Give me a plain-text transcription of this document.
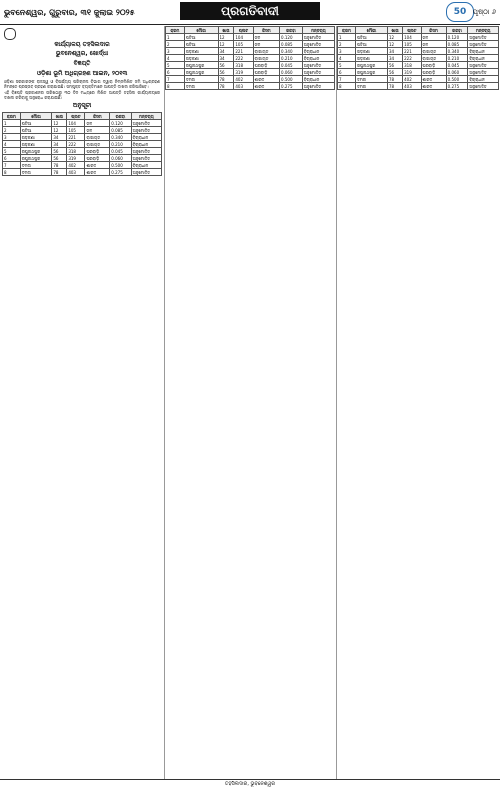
ଭୁବନେଶ୍ୱର, ଗୁରୁବାର, ୩୧ ଜୁଲାଇ ୨୦୨୫	ପ୍ରଗତିବାଦୀ	50 ପୃଷ୍ଠା ୬
କାର୍ଯ୍ୟାଳୟ ତହସିଲଦାର
ଭୁବନେଶ୍ୱର, ଖୋର୍ଦ୍ଧା
ବିଜ୍ଞପ୍ତି
ଓଡ଼ିଶା ଭୂମି ଅଧିଗ୍ରହଣ ଆଇନ, ୨୦୧୩
ଓଡ଼ିଶା ସରକାରଙ୍କ ରାଜସ୍ୱ ଓ ବିପର୍ଯ୍ୟୟ ପରିଚାଳନା ବିଭାଗ ଦ୍ୱାରା ନିମ୍ନଲିଖିତ ଜମି ଅଧିଗ୍ରହଣ ନିମନ୍ତେ ପ୍ରସ୍ତାବ ଗ୍ରହଣ କରାଯାଇଛି। ସମ୍ପୃକ୍ତ ବ୍ୟକ୍ତିମାନେ ଆପତ୍ତି ଦାଖଲ କରିପାରିବେ।
ଏହି ବିଜ୍ଞପ୍ତି ପ୍ରକାଶନର ତାରିଖଠାରୁ ୩୦ ଦିନ ମଧ୍ୟରେ ଲିଖିତ ଆପତ୍ତି ତହସିଲ କାର୍ଯ୍ୟାଳୟରେ ଦାଖଲ କରିବାକୁ ଅନୁରୋଧ କରାଯାଉଛି।
ଅନୁସୂଚୀ
କ୍ରମ	ମୌଜା	ଖାତା	ପ୍ଲଟ	କିସମ	ରକବା	ମନ୍ତବ୍ୟ
1	ପଟିଆ	12	104	ଜଳ	0.120	ଅନୁମୋଦିତ
2	ପଟିଆ	12	105	ଜଳ	0.085	ଅନୁମୋଦିତ
3	ଗଡ଼କଣା	34	221	ବାଗାୟତ	0.340	ବିଚାରାଧୀନ
4	ଗଡ଼କଣା	34	222	ବାଗାୟତ	0.210	ବିଚାରାଧୀନ
5	ରଘୁନାଥପୁର	56	318	ଘରବାଡ଼ି	0.045	ଅନୁମୋଦିତ
6	ରଘୁନାଥପୁର	56	319	ଘରବାଡ଼ି	0.060	ଅନୁମୋଦିତ
7	ଦମନା	78	402	ଶାରଦ	0.500	ବିଚାରାଧୀନ
8	ଦମନା	78	403	ଶାରଦ	0.275	ଅନୁମୋଦିତ
କ୍ରମ	ମୌଜା	ଖାତା	ପ୍ଲଟ	କିସମ	ରକବା	ମନ୍ତବ୍ୟ
1	ପଟିଆ	12	104	ଜଳ	0.120	ଅନୁମୋଦିତ
2	ପଟିଆ	12	105	ଜଳ	0.085	ଅନୁମୋଦିତ
3	ଗଡ଼କଣା	34	221	ବାଗାୟତ	0.340	ବିଚାରାଧୀନ
4	ଗଡ଼କଣା	34	222	ବାଗାୟତ	0.210	ବିଚାରାଧୀନ
5	ରଘୁନାଥପୁର	56	318	ଘରବାଡ଼ି	0.045	ଅନୁମୋଦିତ
6	ରଘୁନାଥପୁର	56	319	ଘରବାଡ଼ି	0.060	ଅନୁମୋଦିତ
7	ଦମନା	78	402	ଶାରଦ	0.500	ବିଚାରାଧୀନ
8	ଦମନା	78	403	ଶାରଦ	0.275	ଅନୁମୋଦିତ
କ୍ରମ	ମୌଜା	ଖାତା	ପ୍ଲଟ	କିସମ	ରକବା	ମନ୍ତବ୍ୟ
1	ପଟିଆ	12	104	ଜଳ	0.120	ଅନୁମୋଦିତ
2	ପଟିଆ	12	105	ଜଳ	0.085	ଅନୁମୋଦିତ
3	ଗଡ଼କଣା	34	221	ବାଗାୟତ	0.340	ବିଚାରାଧୀନ
4	ଗଡ଼କଣା	34	222	ବାଗାୟତ	0.210	ବିଚାରାଧୀନ
5	ରଘୁନାଥପୁର	56	318	ଘରବାଡ଼ି	0.045	ଅନୁମୋଦିତ
6	ରଘୁନାଥପୁର	56	319	ଘରବାଡ଼ି	0.060	ଅନୁମୋଦିତ
7	ଦମନା	78	402	ଶାରଦ	0.500	ବିଚାରାଧୀନ
8	ଦମନା	78	403	ଶାରଦ	0.275	ଅନୁମୋଦିତ
ତହସିଲଦାର, ଭୁବନେଶ୍ୱର
